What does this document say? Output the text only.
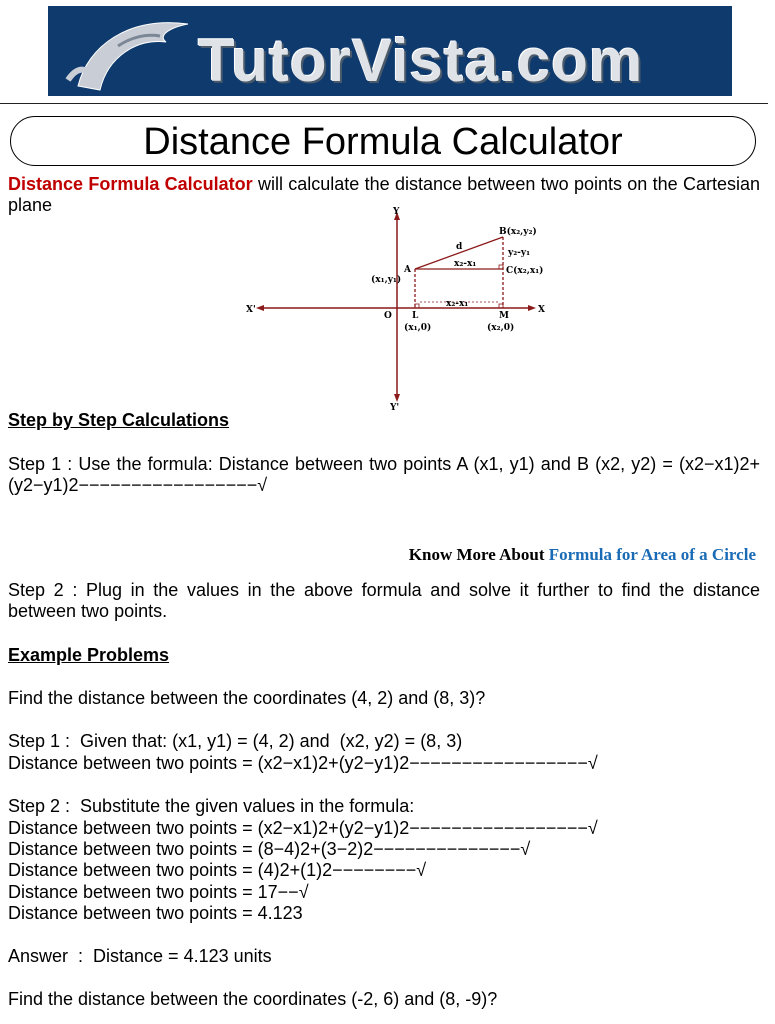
TutorVista.com	TM
Distance Formula Calculator
Distance Formula Calculator will calculate the distance between two points on the Cartesian plane	Y
Y'
X
X'
O
B(x₂,y₂)
A
(x₁,y₁)
C(x₂,x₁)
d
y₂-y₁
x₂-x₁
x₂-x₁
L	M
(x₁,0)	(x₂,0)
Step by Step Calculations
Step 1 : Use the formula: Distance between two points A (x1, y1) and B (x2, y2) = (x2−x1)2+(y2−y1)2−−−−−−−−−−−−−−−−−√
Know More About Formula for Area of a Circle
Step 2 : Plug in the values in the above formula and solve it further to find the distance between two points.
Example Problems
Find the distance between the coordinates (4, 2) and (8, 3)?
Step 1 :  Given that: (x1, y1) = (4, 2) and  (x2, y2) = (8, 3)
Distance between two points = (x2−x1)2+(y2−y1)2−−−−−−−−−−−−−−−−−√
Step 2 :  Substitute the given values in the formula:
Distance between two points = (x2−x1)2+(y2−y1)2−−−−−−−−−−−−−−−−−√
Distance between two points = (8−4)2+(3−2)2−−−−−−−−−−−−−−√
Distance between two points = (4)2+(1)2−−−−−−−−√
Distance between two points = 17−−√
Distance between two points = 4.123
Answer  :  Distance = 4.123 units
Find the distance between the coordinates (-2, 6) and (8, -9)?
